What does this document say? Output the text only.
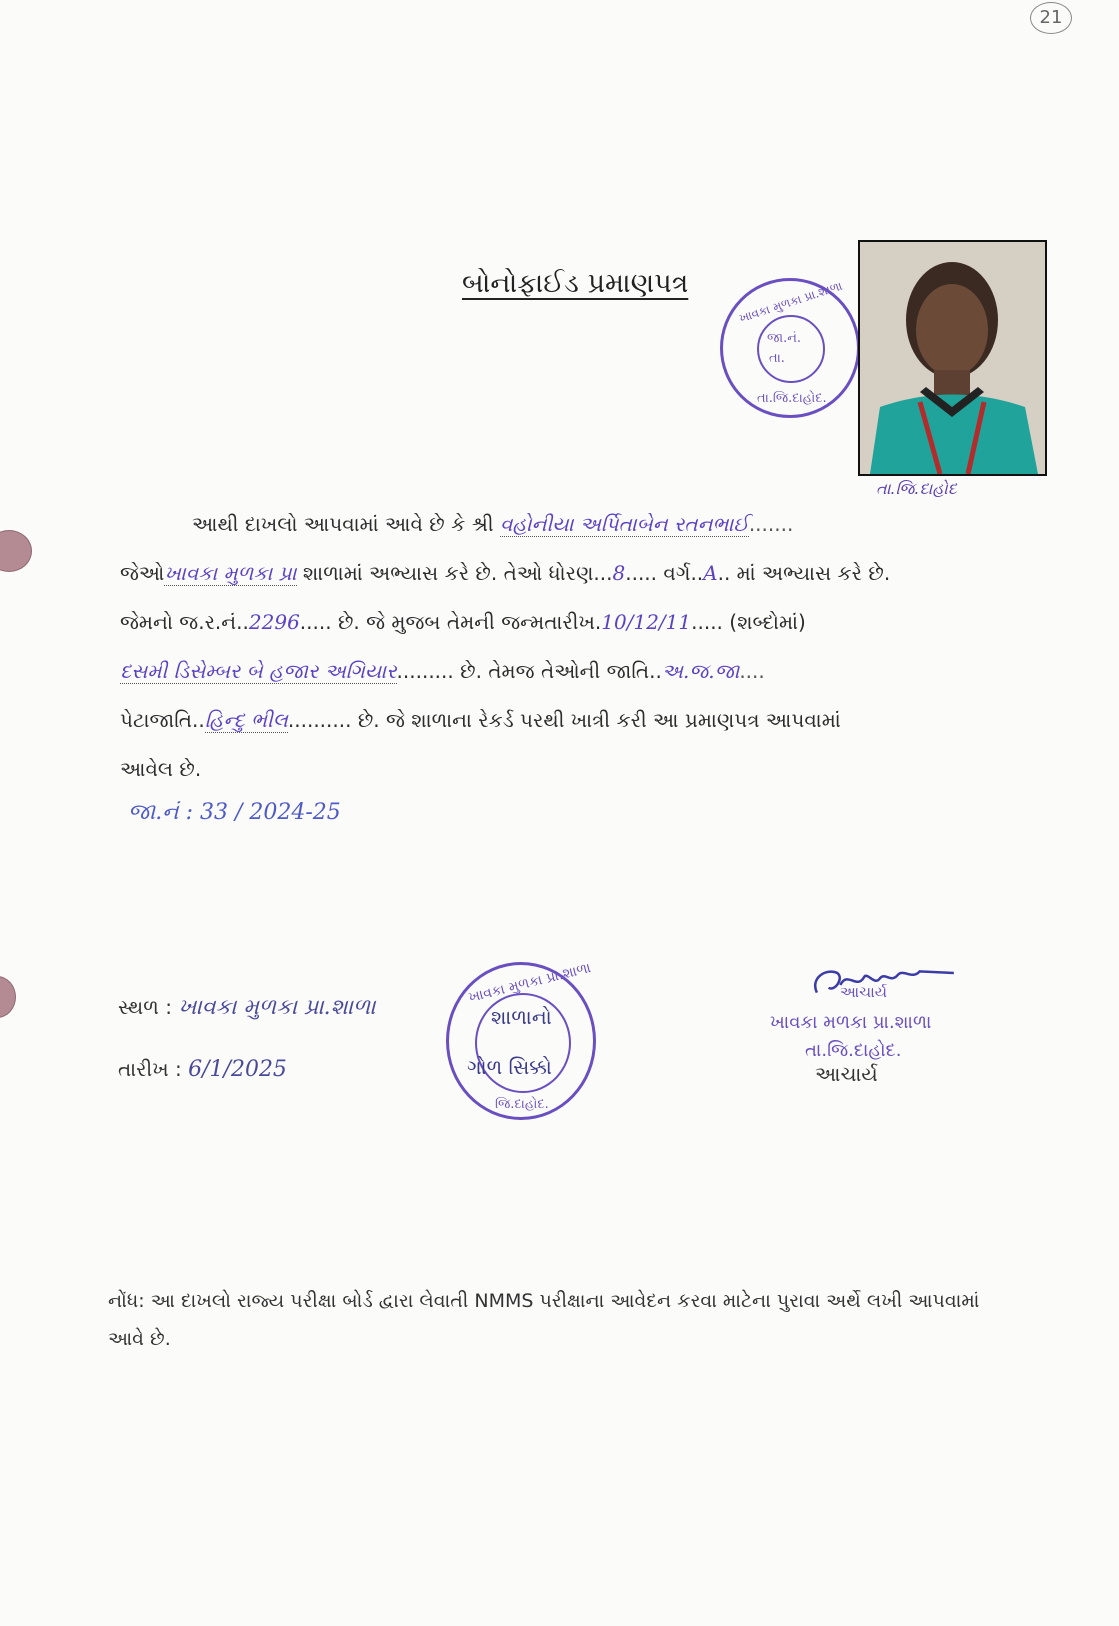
21
બોનોફાઈડ પ્રમાણપત્ર	ખાવકા મુળકા પ્રા.શાળા
જા.નં.
તા.
તા.જિ.દાહોદ.
તા.જિ.દાહોદ
આથી દાખલો આપવામાં આવે છે કે શ્રી વહોનીયા અર્પિતાબેન રતનભાઈ.......
જેઓખાવકા મુળકા પ્રા શાળામાં અભ્યાસ કરે છે. તેઓ ધોરણ...8..... વર્ગ..A.. માં અભ્યાસ કરે છે.
જેમનો જ.ર.નં..2296..... છે. જે મુજબ તેમની જન્મતારીખ.10/12/11..... (શબ્દોમાં)
દસમી ડિસેમ્બર બે હજાર અગિયાર......... છે. તેમજ તેઓની જાતિ..અ.જ.જા....
પેટાજાતિ..હિન્દુ ભીલ.......... છે. જે શાળાના રેકર્ડ પરથી ખાત્રી કરી આ પ્રમાણપત્ર આપવામાં
આવેલ છે.
જા.નં : 33 / 2024-25
સ્થળ : ખાવકા મુળકા પ્રા.શાળા
તારીખ : 6/1/2025
ખાવકા મુળકા પ્રા.શાળા
શાળાનો
ગોળ સિક્કો
જિ.દાહોદ.
આચાર્ય
ખાવકા મળકા પ્રા.શાળા
તા.જિ.દાહોદ.
આચાર્ય
નોંધ: આ દાખલો રાજ્ય પરીક્ષા બોર્ડ દ્વારા લેવાતી NMMS પરીક્ષાના આવેદન કરવા માટેના પુરાવા અર્થે લખી આપવામાં આવે છે.
